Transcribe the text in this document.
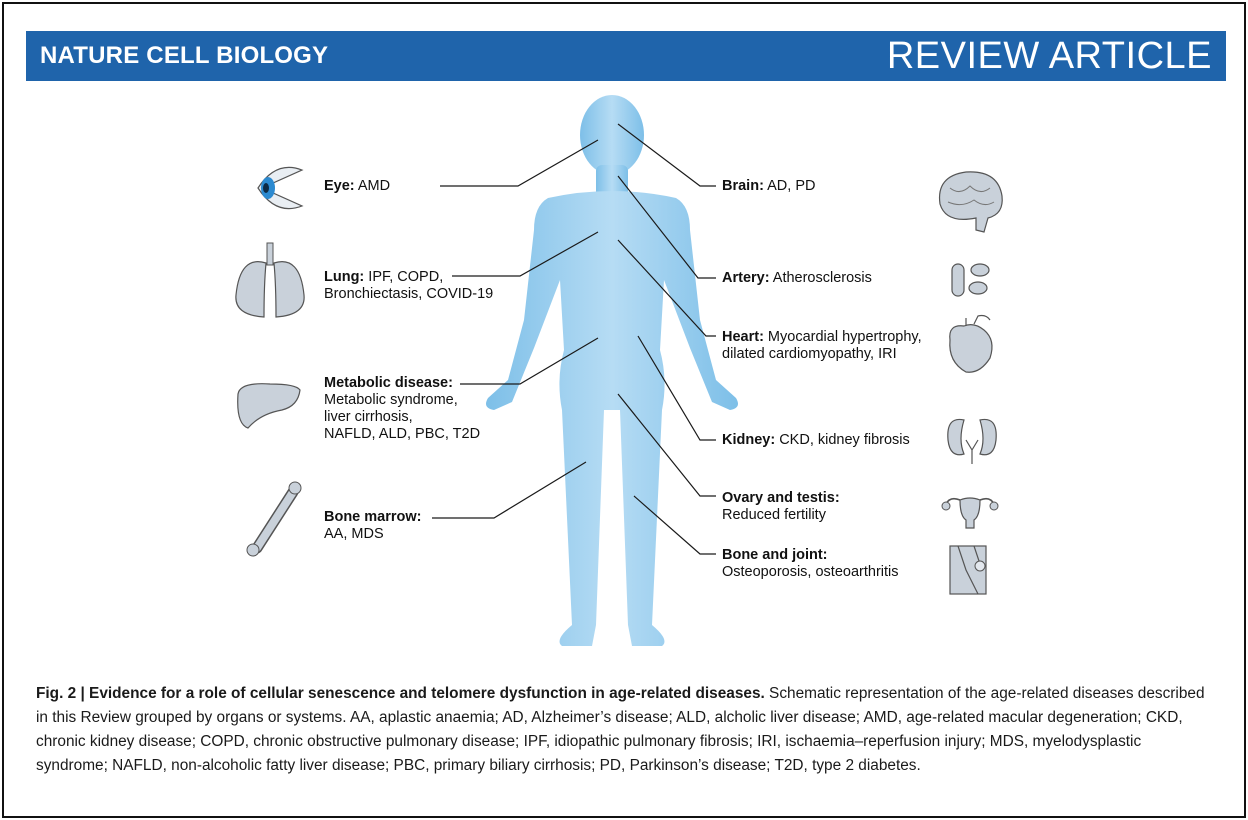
NATURE CELL BIOLOGY	REVIEW ARTICLE
Eye: AMD
Lung: IPF, COPD,
Bronchiectasis, COVID-19
Metabolic disease:
Metabolic syndrome,
liver cirrhosis,
NAFLD, ALD, PBC, T2D
Bone marrow:
AA, MDS
Brain: AD, PD
Artery: Atherosclerosis
Heart: Myocardial hypertrophy,
dilated cardiomyopathy, IRI
Kidney: CKD, kidney fibrosis
Ovary and testis:
Reduced fertility
Bone and joint:
Osteoporosis, osteoarthritis
Fig. 2 | Evidence for a role of cellular senescence and telomere dysfunction in age-related diseases. Schematic representation of the age-related diseases described in this Review grouped by organs or systems. AA, aplastic anaemia; AD, Alzheimer’s disease; ALD, alcholic liver disease; AMD, age-related macular degeneration; CKD, chronic kidney disease; COPD, chronic obstructive pulmonary disease; IPF, idiopathic pulmonary fibrosis; IRI, ischaemia–reperfusion injury; MDS, myelodysplastic syndrome; NAFLD, non-alcoholic fatty liver disease; PBC, primary biliary cirrhosis; PD, Parkinson’s disease; T2D, type 2 diabetes.
